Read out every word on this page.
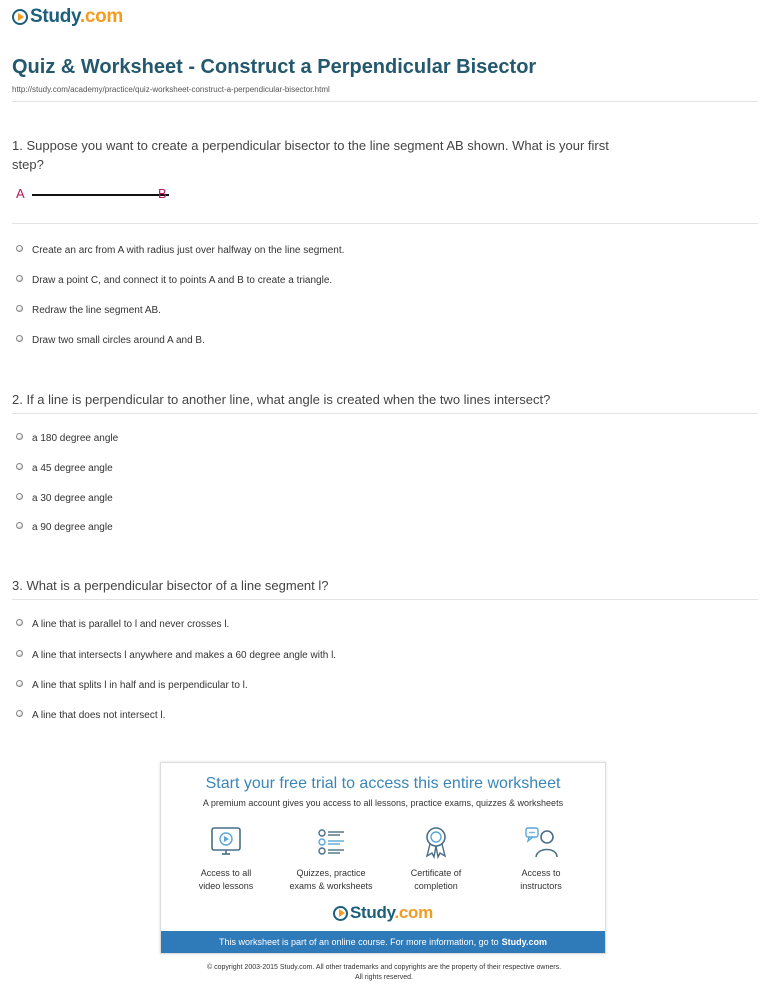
Study.com
Quiz & Worksheet - Construct a Perpendicular Bisector
http://study.com/academy/practice/quiz-worksheet-construct-a-perpendicular-bisector.html
1. Suppose you want to create a perpendicular bisector to the line segment AB shown. What is your first step?
A	B
Create an arc from A with radius just over halfway on the line segment.
Draw a point C, and connect it to points A and B to create a triangle.
Redraw the line segment AB.
Draw two small circles around A and B.
2. If a line is perpendicular to another line, what angle is created when the two lines intersect?
a 180 degree angle
a 45 degree angle
a 30 degree angle
a 90 degree angle
3. What is a perpendicular bisector of a line segment l?
A line that is parallel to l and never crosses l.
A line that intersects l anywhere and makes a 60 degree angle with l.
A line that splits l in half and is perpendicular to l.
A line that does not intersect l.
Start your free trial to access this entire worksheet
A premium account gives you access to all lessons, practice exams, quizzes & worksheets
Access to all
video lessons
Quizzes, practice
exams & worksheets
Certificate of
completion
Access to
instructors
Study.com
This worksheet is part of an online course. For more information, go to Study.com
© copyright 2003-2015 Study.com. All other trademarks and copyrights are the property of their respective owners.
All rights reserved.
